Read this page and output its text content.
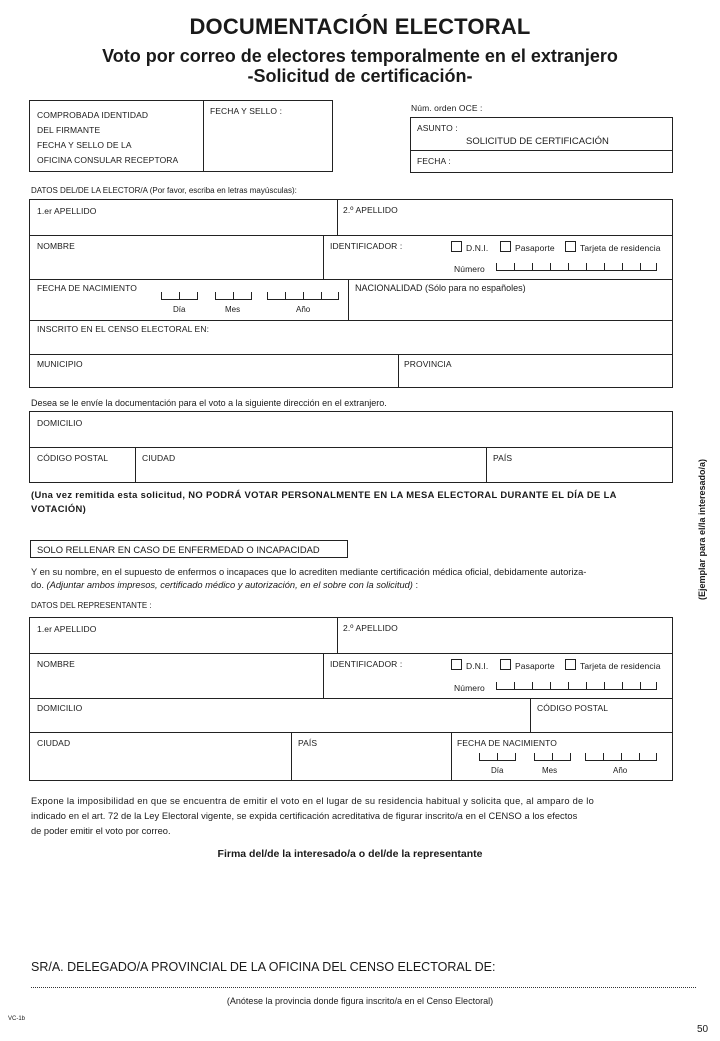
DOCUMENTACIÓN ELECTORAL
Voto por correo de electores temporalmente en el extranjero
-Solicitud de certificación-
COMPROBADA IDENTIDAD
DEL FIRMANTE
FECHA Y SELLO DE LA
OFICINA CONSULAR RECEPTORA
FECHA Y SELLO :	Núm. orden OCE :
ASUNTO :
SOLICITUD DE CERTIFICACIÓN
FECHA :
DATOS DEL/DE LA ELECTOR/A (Por favor, escriba en letras mayúsculas):
1.er APELLIDO	2.º APELLIDO
NOMBRE	IDENTIFICADOR :	D.N.I.	Pasaporte	Tarjeta de residencia
Número
FECHA DE NACIMIENTO
Día	Mes	Año
NACIONALIDAD (Sólo para no españoles)
INSCRITO EN EL CENSO ELECTORAL EN:
MUNICIPIO	PROVINCIA
Desea se le envíe la documentación para el voto a la siguiente dirección en el extranjero.
DOMICILIO
CÓDIGO POSTAL	CIUDAD	PAÍS
(Una vez remitida esta solicitud, NO PODRÁ VOTAR PERSONALMENTE EN LA MESA ELECTORAL DURANTE EL DÍA DE LA
VOTACIÓN)
SOLO RELLENAR EN CASO DE ENFERMEDAD O INCAPACIDAD
Y en su nombre, en el supuesto de enfermos o incapaces que lo acrediten mediante certificación médica oficial, debidamente autoriza-
do. (Adjuntar ambos impresos, certificado médico y autorización, en el sobre con la solicitud) :
DATOS DEL REPRESENTANTE :
1.er APELLIDO	2.º APELLIDO
NOMBRE	IDENTIFICADOR :	D.N.I.	Pasaporte	Tarjeta de residencia
Número
DOMICILIO	CÓDIGO POSTAL
CIUDAD	PAÍS	FECHA DE NACIMIENTO
Día	Mes	Año
Expone la imposibilidad en que se encuentra de emitir el voto en el lugar de su residencia habitual y solicita que, al amparo de lo
indicado en el art. 72 de la Ley Electoral vigente, se expida certificación acreditativa de figurar inscrito/a en el CENSO a los efectos
de poder emitir el voto por correo.
Firma del/de la interesado/a o del/de la representante
SR/A. DELEGADO/A PROVINCIAL DE LA OFICINA DEL CENSO ELECTORAL DE:
(Anótese la provincia donde figura inscrito/a en el Censo Electoral)
VC-1b
50
(Ejemplar para el/la interesado/a)
